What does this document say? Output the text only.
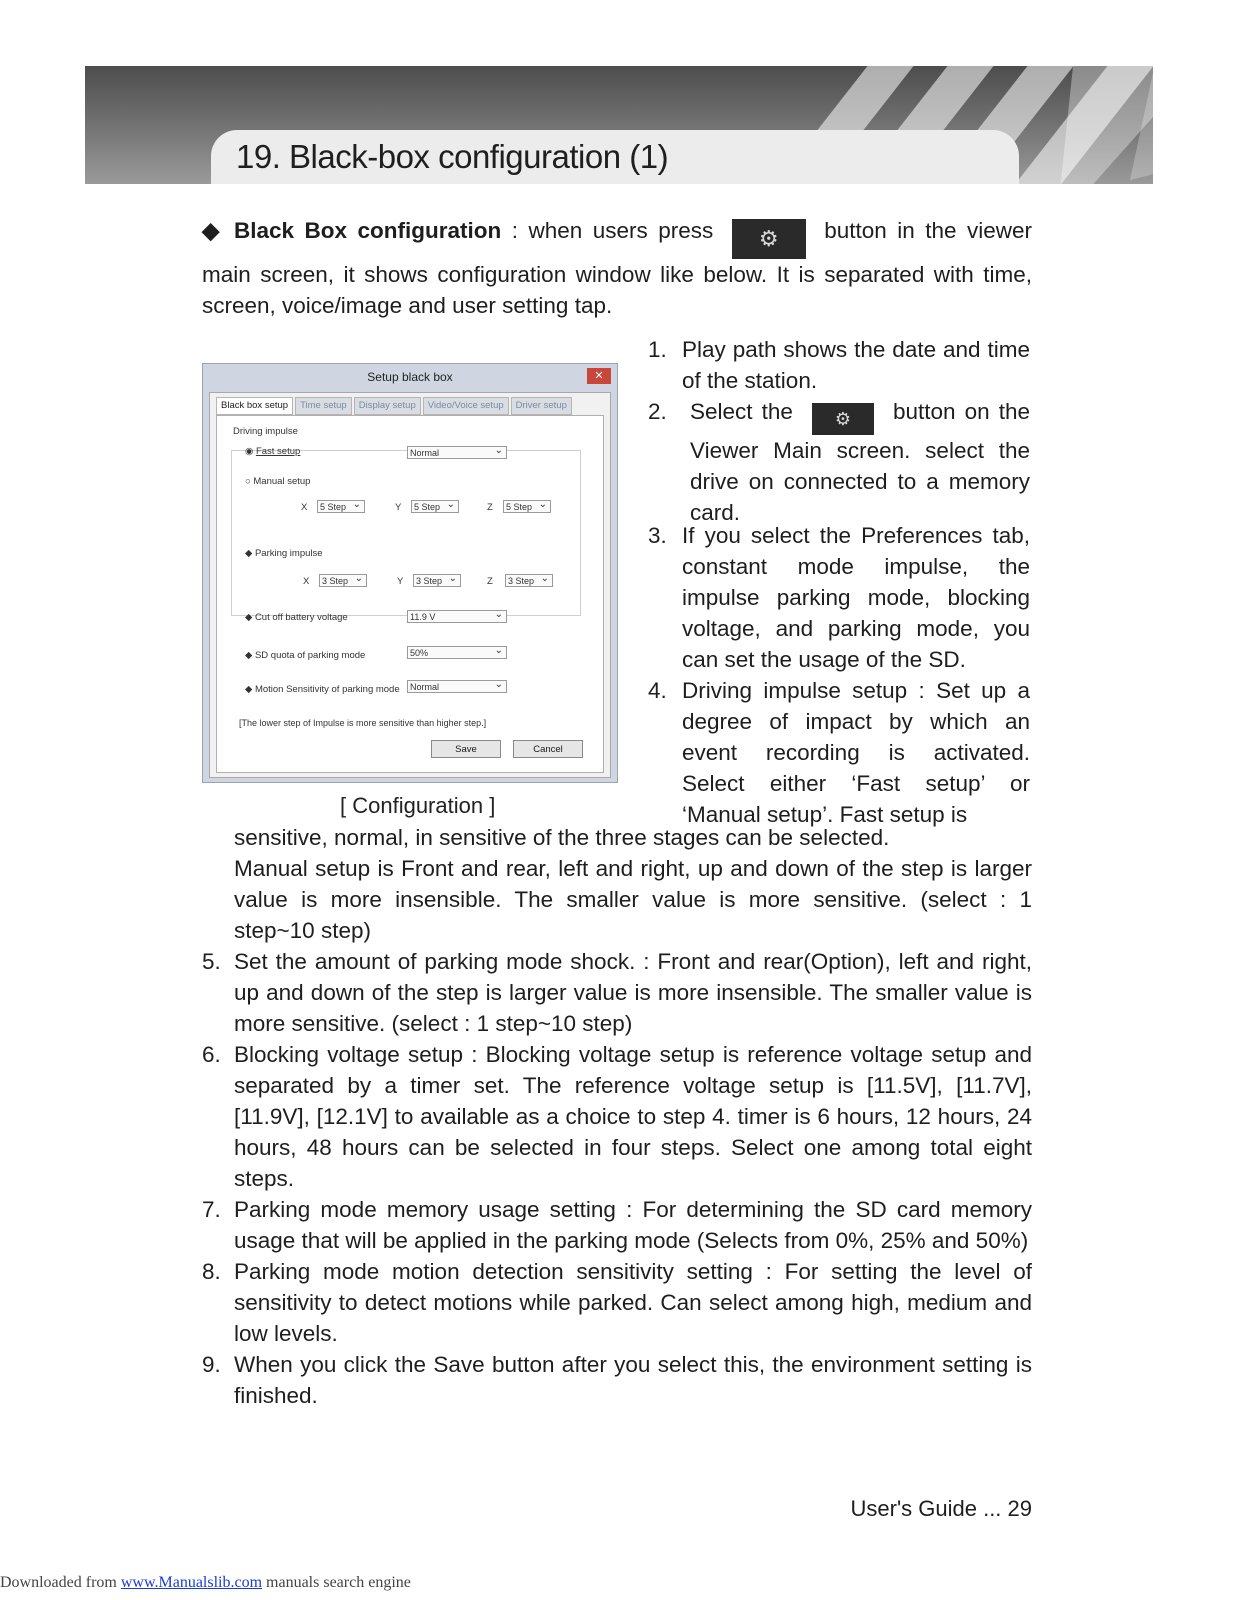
19. Black-box configuration (1)
◆ Black Box configuration : when users press ⚙ button in the viewer main screen, it shows configuration window like below. It is separated with time, screen, voice/image and user setting tap.
Setup black box	✕
Black box setup	Time setup	Display setup	Video/Voice setup	Driver setup
Driving impulse
◉ Fast setup	Normal ⌄
○ Manual setup
X	5 Step ⌄	Y	5 Step ⌄	Z	5 Step ⌄
◆ Parking impulse
X	3 Step ⌄	Y	3 Step ⌄	Z	3 Step ⌄
◆ Cut off battery voltage	11.9 V ⌄
◆ SD quota of parking mode	50% ⌄
◆ Motion Sensitivity of parking mode	Normal ⌄
[The lower step of Impulse is more sensitive than higher step.]
Save	Cancel
[ Configuration ]
1. Play path shows the date and time of the station.
2. Select the ⚙ button on the Viewer Main screen. select the drive on connected to a memory card.
3. If you select the Preferences tab, constant mode impulse, the impulse parking mode, blocking voltage, and parking mode, you can set the usage of the SD.
4. Driving impulse setup : Set up a degree of impact by which an event recording is activated. Select either ‘Fast setup’ or ‘Manual setup’. Fast setup is
sensitive, normal, in sensitive of the three stages can be selected.
Manual setup is Front and rear, left and right, up and down of the step is larger value is more insensible. The smaller value is more sensitive. (select : 1 step~10 step)
5. Set the amount of parking mode shock. : Front and rear(Option), left and right, up and down of the step is larger value is more insensible. The smaller value is more sensitive. (select : 1 step~10 step)
6. Blocking voltage setup : Blocking voltage setup is reference voltage setup and separated by a timer set. The reference voltage setup is [11.5V], [11.7V], [11.9V], [12.1V] to available as a choice to step 4. timer is 6 hours, 12 hours, 24 hours, 48 hours can be selected in four steps. Select one among total eight steps.
7. Parking mode memory usage setting : For determining the SD card memory usage that will be applied in the parking mode (Selects from 0%, 25% and 50%)
8. Parking mode motion detection sensitivity setting : For setting the level of sensitivity to detect motions while parked. Can select among high, medium and low levels.
9. When you click the Save button after you select this, the environment setting is finished.
User's Guide ... 29
Downloaded from www.Manualslib.com manuals search engine
